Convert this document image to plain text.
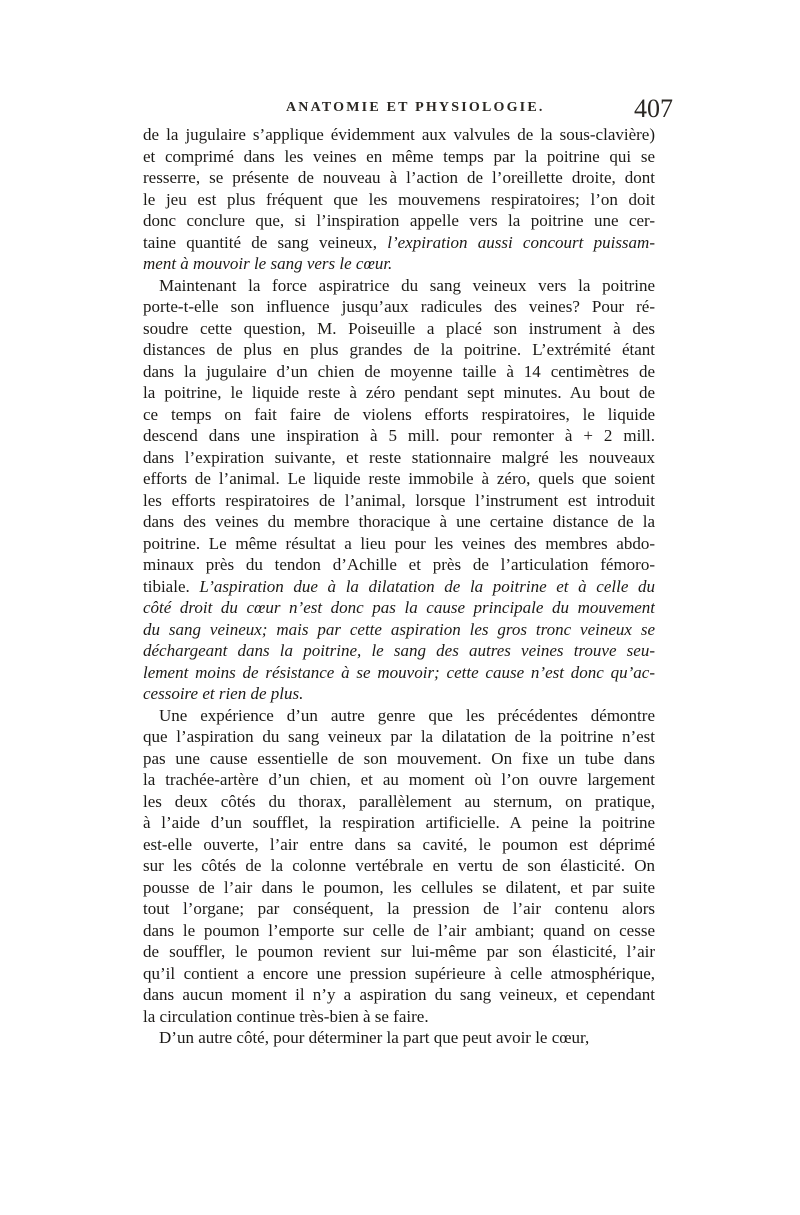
ANATOMIE ET PHYSIOLOGIE.	407
de la jugulaire s’applique évidemment aux valvules de la sous-clavière)
et comprimé dans les veines en même temps par la poitrine qui se
resserre, se présente de nouveau à l’action de l’oreillette droite, dont
le jeu est plus fréquent que les mouvemens respiratoires; l’on doit
donc conclure que, si l’inspiration appelle vers la poitrine une cer-
taine quantité de sang veineux, l’expiration aussi concourt puissam-
ment à mouvoir le sang vers le cœur.
Maintenant la force aspiratrice du sang veineux vers la poitrine
porte-t-elle son influence jusqu’aux radicules des veines? Pour ré-
soudre cette question, M. Poiseuille a placé son instrument à des
distances de plus en plus grandes de la poitrine. L’extrémité étant
dans la jugulaire d’un chien de moyenne taille à 14 centimètres de
la poitrine, le liquide reste à zéro pendant sept minutes. Au bout de
ce temps on fait faire de violens efforts respiratoires, le liquide
descend dans une inspiration à 5 mill. pour remonter à + 2 mill.
dans l’expiration suivante, et reste stationnaire malgré les nouveaux
efforts de l’animal. Le liquide reste immobile à zéro, quels que soient
les efforts respiratoires de l’animal, lorsque l’instrument est introduit
dans des veines du membre thoracique à une certaine distance de la
poitrine. Le même résultat a lieu pour les veines des membres abdo-
minaux près du tendon d’Achille et près de l’articulation fémoro-
tibiale. L’aspiration due à la dilatation de la poitrine et à celle du
côté droit du cœur n’est donc pas la cause principale du mouvement
du sang veineux; mais par cette aspiration les gros tronc veineux se
déchargeant dans la poitrine, le sang des autres veines trouve seu-
lement moins de résistance à se mouvoir; cette cause n’est donc qu’ac-
cessoire et rien de plus.
Une expérience d’un autre genre que les précédentes démontre
que l’aspiration du sang veineux par la dilatation de la poitrine n’est
pas une cause essentielle de son mouvement. On fixe un tube dans
la trachée-artère d’un chien, et au moment où l’on ouvre largement
les deux côtés du thorax, parallèlement au sternum, on pratique,
à l’aide d’un soufflet, la respiration artificielle. A peine la poitrine
est-elle ouverte, l’air entre dans sa cavité, le poumon est déprimé
sur les côtés de la colonne vertébrale en vertu de son élasticité. On
pousse de l’air dans le poumon, les cellules se dilatent, et par suite
tout l’organe; par conséquent, la pression de l’air contenu alors
dans le poumon l’emporte sur celle de l’air ambiant; quand on cesse
de souffler, le poumon revient sur lui-même par son élasticité, l’air
qu’il contient a encore une pression supérieure à celle atmosphérique,
dans aucun moment il n’y a aspiration du sang veineux, et cependant
la circulation continue très-bien à se faire.
D’un autre côté, pour déterminer la part que peut avoir le cœur,
